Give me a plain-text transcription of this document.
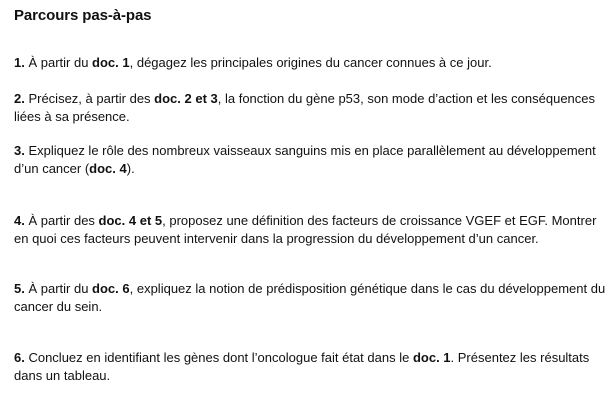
Parcours pas-à-pas

1. À partir du doc. 1, dégagez les principales origines du cancer connues à ce jour.

2. Précisez, à partir des doc. 2 et 3, la fonction du gène p53, son mode d’action et les conséquences liées à sa présence.

3. Expliquez le rôle des nombreux vaisseaux sanguins mis en place parallèlement au développement d’un cancer (doc. 4).

4. À partir des doc. 4 et 5, proposez une définition des facteurs de croissance VGEF et EGF. Montrer en quoi ces facteurs peuvent intervenir dans la progression du développement d’un cancer.

5. À partir du doc. 6, expliquez la notion de prédisposition génétique dans le cas du développement du cancer du sein.

6. Concluez en identifiant les gènes dont l’oncologue fait état dans le doc. 1. Présentez les résultats dans un tableau.
